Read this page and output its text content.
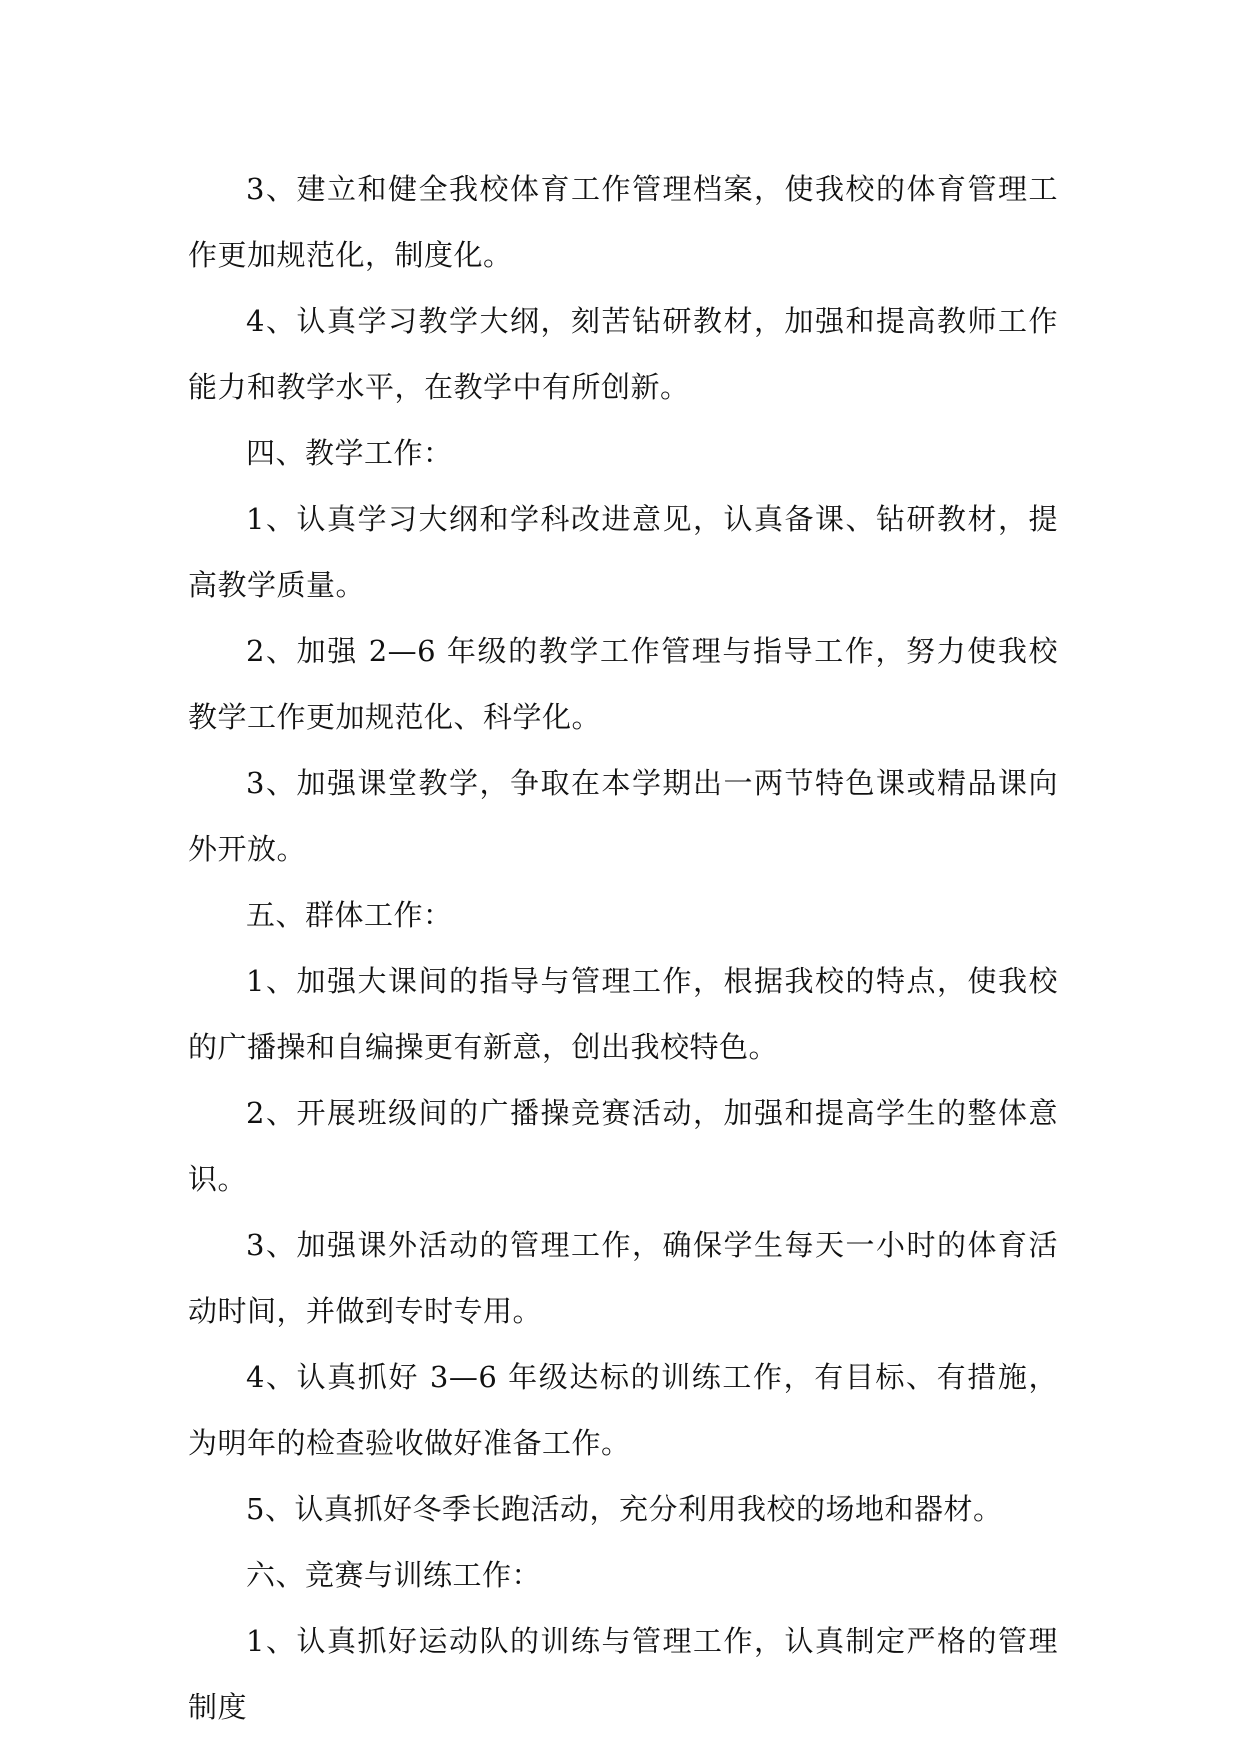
3、建立和健全我校体育工作管理档案，使我校的体育管理工作更加规范化，制度化。

4、认真学习教学大纲，刻苦钻研教材，加强和提高教师工作能力和教学水平，在教学中有所创新。

四、教学工作：

1、认真学习大纲和学科改进意见，认真备课、钻研教材，提高教学质量。

2、加强 2—6 年级的教学工作管理与指导工作，努力使我校教学工作更加规范化、科学化。

3、加强课堂教学，争取在本学期出一两节特色课或精品课向外开放。

五、群体工作：

1、加强大课间的指导与管理工作，根据我校的特点，使我校的广播操和自编操更有新意，创出我校特色。

2、开展班级间的广播操竞赛活动，加强和提高学生的整体意识。

3、加强课外活动的管理工作，确保学生每天一小时的体育活动时间，并做到专时专用。

4、认真抓好 3—6 年级达标的训练工作，有目标、有措施，为明年的检查验收做好准备工作。

5、认真抓好冬季长跑活动，充分利用我校的场地和器材。

六、竞赛与训练工作：

1、认真抓好运动队的训练与管理工作，认真制定严格的管理制度
